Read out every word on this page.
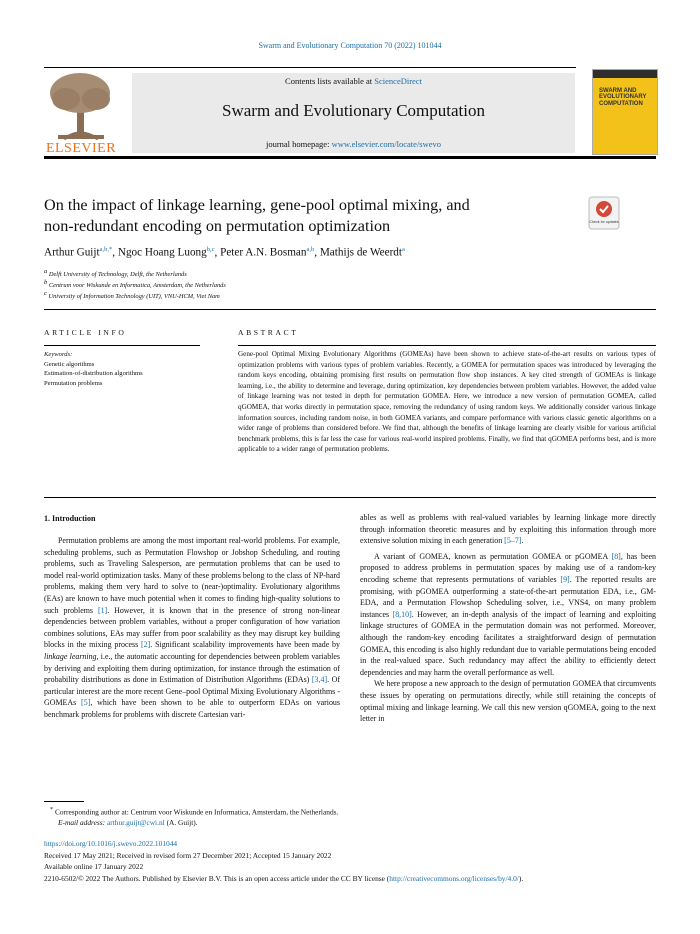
Swarm and Evolutionary Computation 70 (2022) 101044
ELSEVIER
Contents lists available at ScienceDirect
Swarm and Evolutionary Computation
journal homepage: www.elsevier.com/locate/swevo
SWARM AND EVOLUTIONARY COMPUTATION
On the impact of linkage learning, gene-pool optimal mixing, and
non-redundant encoding on permutation optimization	Check for updates
Arthur Guijt$^{a,b,*}$, Ngoc Hoang Luong$^{b,c}$, Peter A.N. Bosman$^{a,b}$, Mathijs de Weerdt$^a$
$^a$ Delft University of Technology, Delft, the Netherlands
$^b$ Centrum voor Wiskunde en Informatica, Amsterdam, the Netherlands
$^c$ University of Information Technology (UIT), VNU-HCM, Viet Nam
ARTICLE INFO
Keywords:
Genetic algorithms
Estimation-of-distribution algorithms
Permutation problems
ABSTRACT
Gene-pool Optimal Mixing Evolutionary Algorithms (GOMEAs) have been shown to achieve state-of-the-art results on various types of optimization problems with various types of problem variables. Recently, a GOMEA for permutation spaces was introduced by leveraging the random keys encoding, obtaining promising first results on permutation flow shop instances. A key cited strength of GOMEAs is linkage learning, i.e., the ability to determine and leverage, during optimization, key dependencies between problem variables. However, the added value of linkage learning was not tested in depth for permutation GOMEA. Here, we introduce a new version of permutation GOMEA, called qGOMEA, that works directly in permutation space, removing the redundancy of using random keys. We additionally consider various linkage information sources, including random noise, in both GOMEA variants, and compare performance with various classic genetic algorithms on a wider range of problems than considered before. We find that, although the benefits of linkage learning are clearly visible for various artificial benchmark problems, this is far less the case for various real-world inspired problems. Finally, we find that qGOMEA performs best, and is more applicable to a wider range of permutation problems.
1. Introduction

Permutation problems are among the most important real-world problems. For example, scheduling problems, such as Permutation Flowshop or Jobshop Scheduling, and routing problems, such as Traveling Salesperson, are permutation problems that can be used to model real-world optimization tasks. Many of these problems belong to the class of NP-hard problems, making them very hard to solve to (near-)optimality. Evolutionary algorithms (EAs) are known to have much potential when it comes to finding high-quality solutions to such problems [1]. However, it is known that in the presence of strong non-linear dependencies between problem variables, without a proper configuration of how variation combines solutions, EAs may suffer from poor scalability as they may disrupt key building blocks in the mixing process [2]. Significant scalability improvements have been made by linkage learning, i.e., the automatic accounting for dependencies between problem variables by deriving and exploiting them during optimization, for instance through the estimation of probability distributions as done in Estimation of Distribution Algorithms (EDAs) [3,4]. Of particular interest are the more recent Gene–pool Optimal Mixing Evolutionary Algorithms - GOMEAs [5], which have been shown to be able to outperform EDAs on various benchmark problems for problems with discrete Cartesian vari-

ables as well as problems with real-valued variables by learning linkage more directly through information theoretic measures and by exploiting this information through more extensive solution mixing in each generation [5–7].

A variant of GOMEA, known as permutation GOMEA or pGOMEA [8], has been proposed to address problems in permutation spaces by making use of a random-key encoding scheme that represents permutations of variables [9]. The reported results are promising, with pGOMEA outperforming a state-of-the-art permutation EDA, i.e., GM-EDA, and a Permutation Flowshop Scheduling solver, i.e., VNS4, on many problem instances [8,10]. However, an in-depth analysis of the impact of learning and exploiting linkage structures of GOMEA in the permutation domain was not performed. Moreover, although the random-key encoding facilitates a straightforward design of permutation GOMEA, this encoding is also highly redundant due to variable permutations being encoded in the real-valued space. Such redundancy may affect the ability to efficiently detect dependencies and may harm the overall performance as well.

We here propose a new approach to the design of permutation GOMEA that circumvents these issues by operating on permutations directly, while still retaining the concepts of optimal mixing and linkage learning. We call this new version qGOMEA, going to the next letter in

* Corresponding author at: Centrum voor Wiskunde en Informatica, Amsterdam, the Netherlands.
E-mail address: arthur.guijt@cwi.nl (A. Guijt).
https://doi.org/10.1016/j.swevo.2022.101044
Received 17 May 2021; Received in revised form 27 December 2021; Accepted 15 January 2022
Available online 17 January 2022
2210-6502/© 2022 The Authors. Published by Elsevier B.V. This is an open access article under the CC BY license (http://creativecommons.org/licenses/by/4.0/).
